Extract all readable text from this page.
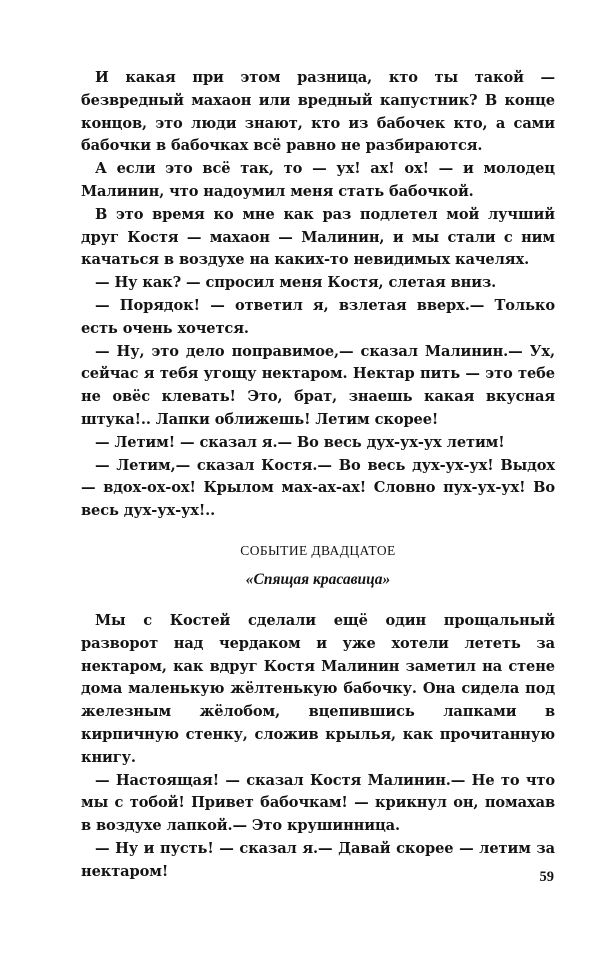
И какая при этом разница, кто ты такой — безвредный махаон или вредный капустник? В конце концов, это люди знают, кто из бабочек кто, а сами бабочки в бабочках всё равно не разбираются.

А если это всё так, то — ух! ах! ох! — и молодец Малинин, что надоумил меня стать бабочкой.

В это время ко мне как раз подлетел мой лучший друг Костя — махаон — Малинин, и мы стали с ним качаться в воздухе на каких-то невидимых качелях.

— Ну как? — спросил меня Костя, слетая вниз.

— Порядок! — ответил я, взлетая вверх.— Только есть очень хочется.

— Ну, это дело поправимое,— сказал Малинин.— Ух, сейчас я тебя угощу нектаром. Нектар пить — это тебе не овёс клевать! Это, брат, знаешь какая вкусная штука!.. Лапки оближешь! Летим скорее!

— Летим! — сказал я.— Во весь дух-ух-ух летим!

— Летим,— сказал Костя.— Во весь дух-ух-ух! Выдох — вдох-ох-ох! Крылом мах-ах-ах! Словно пух-ух-ух! Во весь дух-ух-ух!..

СОБЫТИЕ ДВАДЦАТОЕ
«Спящая красавица»

Мы с Костей сделали ещё один прощальный разворот над чердаком и уже хотели лететь за нектаром, как вдруг Костя Малинин заметил на стене дома маленькую жёлтенькую бабочку. Она сидела под железным жёлобом, вцепившись лапками в кирпичную стенку, сложив крылья, как прочитанную книгу.

— Настоящая! — сказал Костя Малинин.— Не то что мы с тобой! Привет бабочкам! — крикнул он, помахав в воздухе лапкой.— Это крушинница.

— Ну и пусть! — сказал я.— Давай скорее — летим за нектаром!	59
